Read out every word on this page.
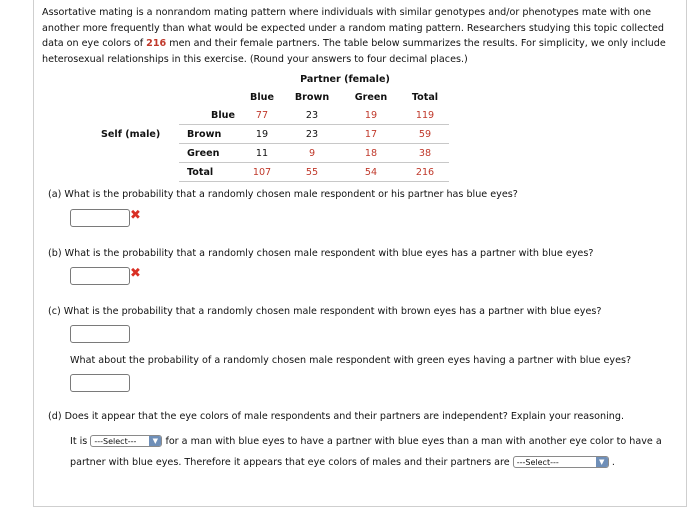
Assortative mating is a nonrandom mating pattern where individuals with similar genotypes and/or phenotypes mate with one another more frequently than what would be expected under a random mating pattern. Researchers studying this topic collected data on eye colors of 216 men and their female partners. The table below summarizes the results. For simplicity, we only include heterosexual relationships in this exercise. (Round your answers to four decimal places.)
		Partner (female)			
		Blue	Brown	Green	Total
	Blue	77	23	19	119
Self (male)	Brown	19	23	17	59
	Green	11	9	18	38
	Total	107	55	54	216
(a) What is the probability that a randomly chosen male respondent or his partner has blue eyes?
✖
(b) What is the probability that a randomly chosen male respondent with blue eyes has a partner with blue eyes?
✖
(c) What is the probability that a randomly chosen male respondent with brown eyes has a partner with blue eyes?
What about the probability of a randomly chosen male respondent with green eyes having a partner with blue eyes?
(d) Does it appear that the eye colors of male respondents and their partners are independent? Explain your reasoning.
It is ---Select---	▼ for a man with blue eyes to have a partner with blue eyes than a man with another eye color to have a
partner with blue eyes. Therefore it appears that eye colors of males and their partners are ---Select---	▼ .
